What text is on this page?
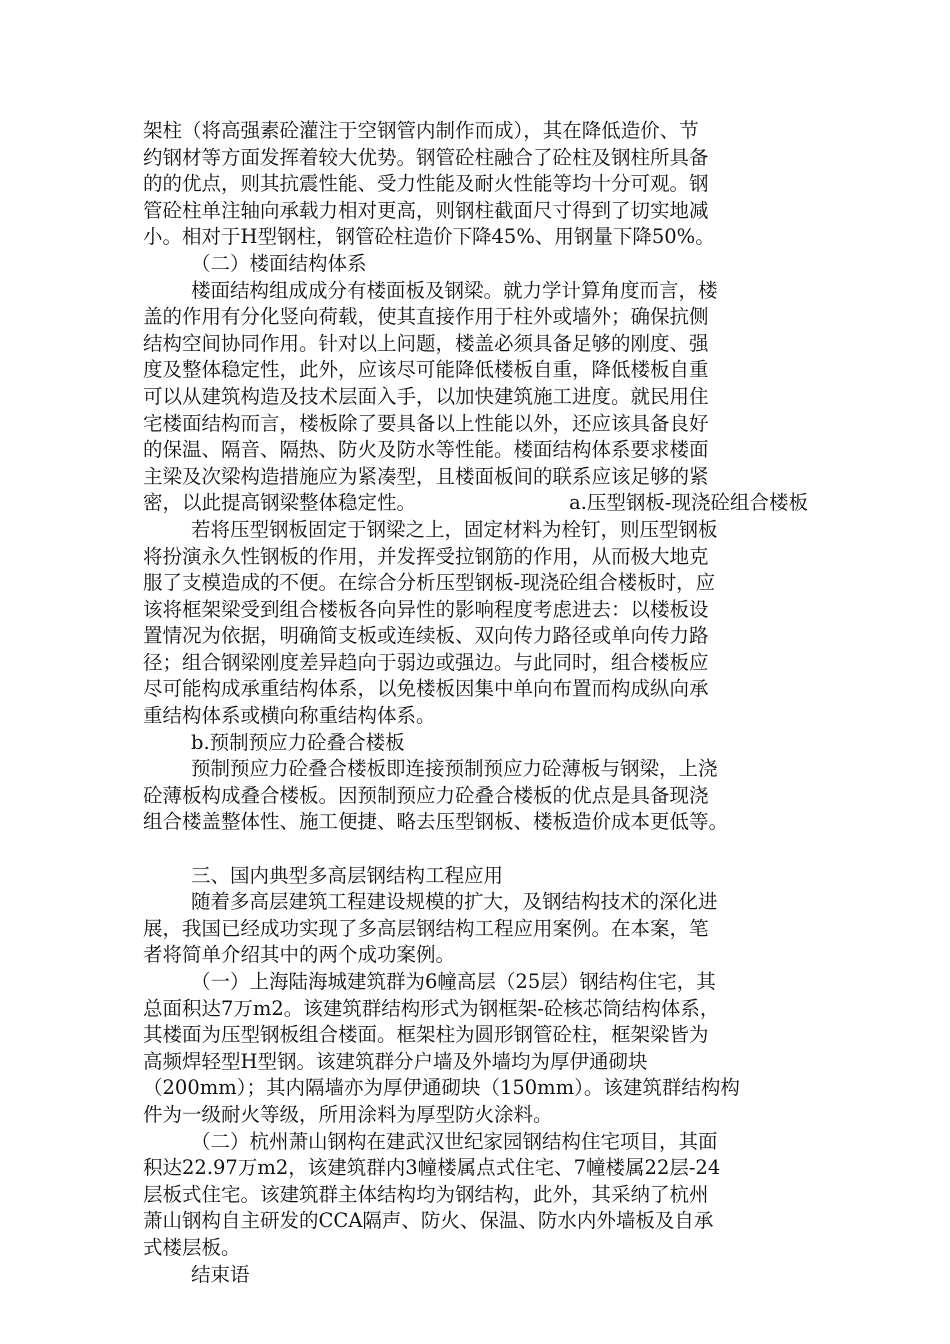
架柱（将高强素砼灌注于空钢管内制作而成），其在降低造价、节
约钢材等方面发挥着较大优势。钢管砼柱融合了砼柱及钢柱所具备
的的优点，则其抗震性能、受力性能及耐火性能等均十分可观。钢
管砼柱单注轴向承载力相对更高，则钢柱截面尺寸得到了切实地减
小。相对于H型钢柱，钢管砼柱造价下降45%、用钢量下降50%。
（二）楼面结构体系
楼面结构组成成分有楼面板及钢梁。就力学计算角度而言，楼
盖的作用有分化竖向荷载，使其直接作用于柱外或墙外；确保抗侧
结构空间协同作用。针对以上问题，楼盖必须具备足够的刚度、强
度及整体稳定性，此外，应该尽可能降低楼板自重，降低楼板自重
可以从建筑构造及技术层面入手，以加快建筑施工进度。就民用住
宅楼面结构而言，楼板除了要具备以上性能以外，还应该具备良好
的保温、隔音、隔热、防火及防水等性能。楼面结构体系要求楼面
主梁及次梁构造措施应为紧凑型，且楼面板间的联系应该足够的紧
密，以此提高钢梁整体稳定性。	a.压型钢板-现浇砼组合楼板
若将压型钢板固定于钢梁之上，固定材料为栓钉，则压型钢板
将扮演永久性钢板的作用，并发挥受拉钢筋的作用，从而极大地克
服了支模造成的不便。在综合分析压型钢板-现浇砼组合楼板时，应
该将框架梁受到组合楼板各向异性的影响程度考虑进去：以楼板设
置情况为依据，明确简支板或连续板、双向传力路径或单向传力路
径；组合钢梁刚度差异趋向于弱边或强边。与此同时，组合楼板应
尽可能构成承重结构体系，以免楼板因集中单向布置而构成纵向承
重结构体系或横向称重结构体系。
b.预制预应力砼叠合楼板
预制预应力砼叠合楼板即连接预制预应力砼薄板与钢梁，上浇
砼薄板构成叠合楼板。因预制预应力砼叠合楼板的优点是具备现浇
组合楼盖整体性、施工便捷、略去压型钢板、楼板造价成本更低等。
三、国内典型多高层钢结构工程应用
随着多高层建筑工程建设规模的扩大，及钢结构技术的深化进
展，我国已经成功实现了多高层钢结构工程应用案例。在本案，笔
者将简单介绍其中的两个成功案例。
（一）上海陆海城建筑群为6幢高层（25层）钢结构住宅，其
总面积达7万m2。该建筑群结构形式为钢框架-砼核芯筒结构体系，
其楼面为压型钢板组合楼面。框架柱为圆形钢管砼柱，框架梁皆为
高频焊轻型H型钢。该建筑群分户墙及外墙均为厚伊通砌块
（200mm）；其内隔墙亦为厚伊通砌块（150mm）。该建筑群结构构
件为一级耐火等级，所用涂料为厚型防火涂料。
（二）杭州萧山钢构在建武汉世纪家园钢结构住宅项目，其面
积达22.97万m2，该建筑群内3幢楼属点式住宅、7幢楼属22层-24
层板式住宅。该建筑群主体结构均为钢结构，此外，其采纳了杭州
萧山钢构自主研发的CCA隔声、防火、保温、防水内外墙板及自承
式楼层板。
结束语
